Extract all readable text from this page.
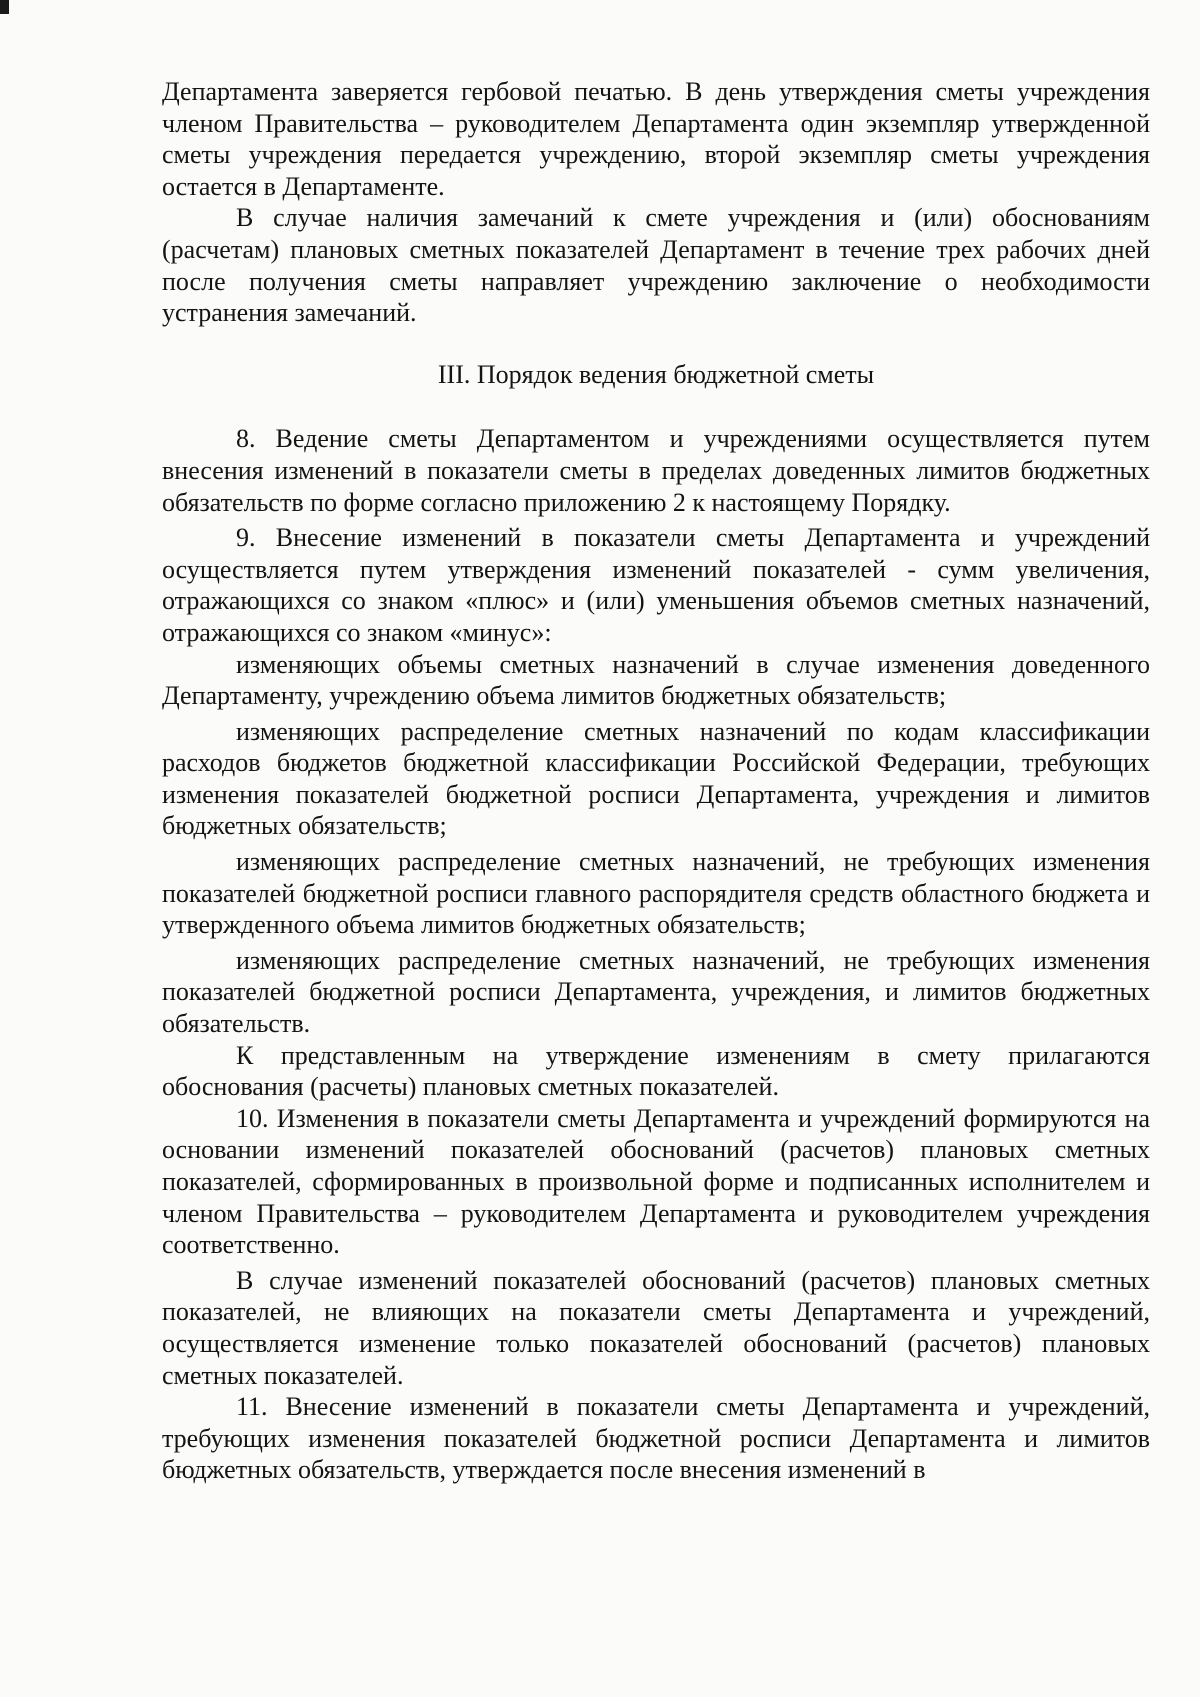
Департамента заверяется гербовой печатью. В день утверждения сметы учреждения членом Правительства – руководителем Департамента один экземпляр утвержденной сметы учреждения передается учреждению, второй экземпляр сметы учреждения остается в Департаменте.

В случае наличия замечаний к смете учреждения и (или) обоснованиям (расчетам) плановых сметных показателей Департамент в течение трех рабочих дней после получения сметы направляет учреждению заключение о необходимости устранения замечаний.

III. Порядок ведения бюджетной сметы

8. Ведение сметы Департаментом и учреждениями осуществляется путем внесения изменений в показатели сметы в пределах доведенных лимитов бюджетных обязательств по форме согласно приложению 2 к настоящему Порядку.

9. Внесение изменений в показатели сметы Департамента и учреждений осуществляется путем утверждения изменений показателей - сумм увеличения, отражающихся со знаком «плюс» и (или) уменьшения объемов сметных назначений, отражающихся со знаком «минус»:

изменяющих объемы сметных назначений в случае изменения доведенного Департаменту, учреждению объема лимитов бюджетных обязательств;

изменяющих распределение сметных назначений по кодам классификации расходов бюджетов бюджетной классификации Российской Федерации, требующих изменения показателей бюджетной росписи Департамента, учреждения и лимитов бюджетных обязательств;

изменяющих распределение сметных назначений, не требующих изменения показателей бюджетной росписи главного распорядителя средств областного бюджета и утвержденного объема лимитов бюджетных обязательств;

изменяющих распределение сметных назначений, не требующих изменения показателей бюджетной росписи Департамента, учреждения, и лимитов бюджетных обязательств.

К представленным на утверждение изменениям в смету прилагаются обоснования (расчеты) плановых сметных показателей.

10. Изменения в показатели сметы Департамента и учреждений формируются на основании изменений показателей обоснований (расчетов) плановых сметных показателей, сформированных в произвольной форме и подписанных исполнителем и членом Правительства – руководителем Департамента и руководителем учреждения соответственно.

В случае изменений показателей обоснований (расчетов) плановых сметных показателей, не влияющих на показатели сметы Департамента и учреждений, осуществляется изменение только показателей обоснований (расчетов) плановых сметных показателей.

11. Внесение изменений в показатели сметы Департамента и учреждений, требующих изменения показателей бюджетной росписи Департамента и лимитов бюджетных обязательств, утверждается после внесения изменений в
